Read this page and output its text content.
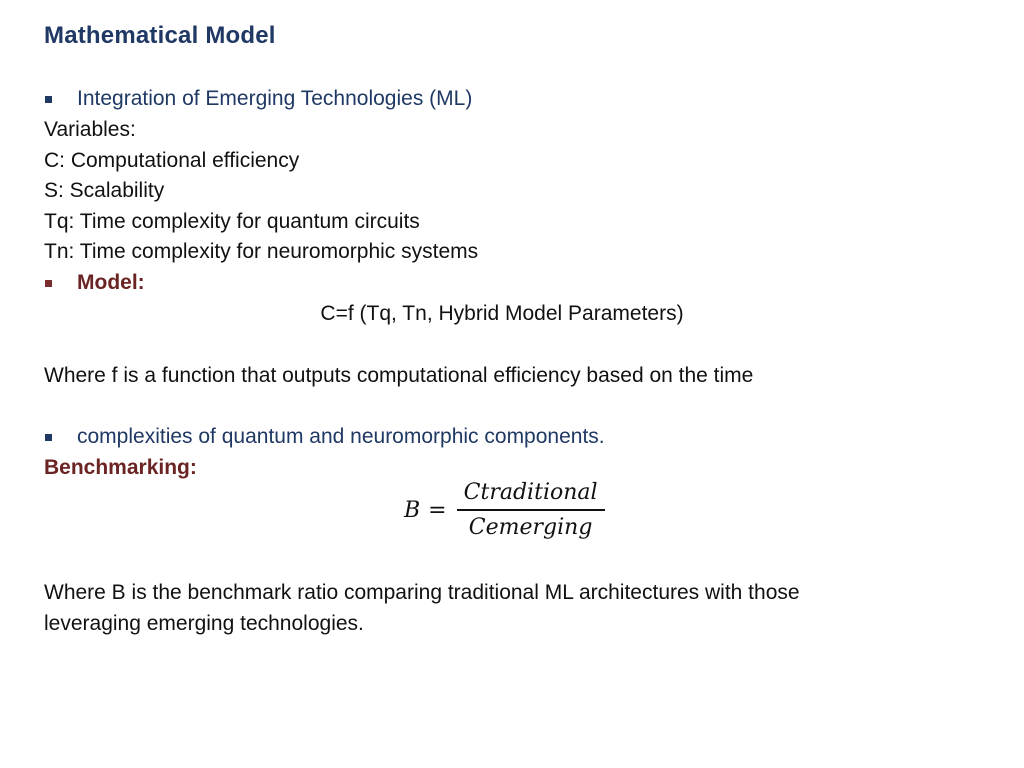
Mathematical Model
Integration of Emerging Technologies (ML)
Variables:
C: Computational efficiency
S: Scalability
Tq: Time complexity for quantum circuits
Tn: Time complexity for neuromorphic systems
Model:
C=f (Tq, Tn, Hybrid Model Parameters)
Where f is a function that outputs computational efficiency based on the time
complexities of quantum and neuromorphic components.
Benchmarking:
$B = \frac{\text{Ctraditional}}{\text{Cemerging}}$
Where B is the benchmark ratio comparing traditional ML architectures with those
leveraging emerging technologies.
